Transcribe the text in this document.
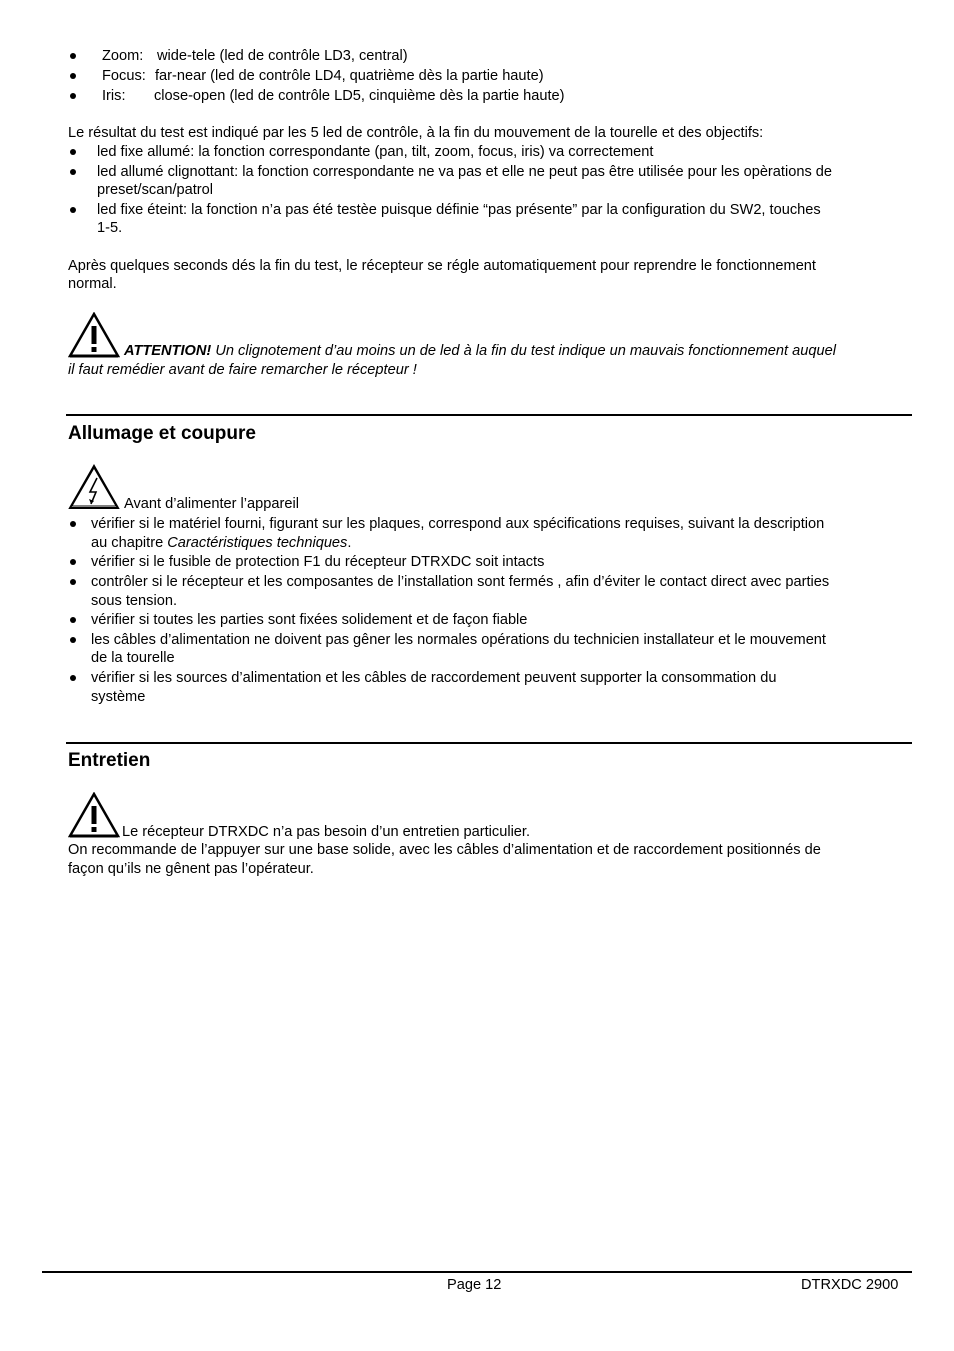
Zoom: wide-tele (led de contrôle LD3, central)
Focus: far-near (led de contrôle LD4, quatrième dès la partie haute)
Iris: close-open (led de contrôle LD5, cinquième dès la partie haute)
Le résultat du test est indiqué par les 5 led de contrôle, à la fin du mouvement de la tourelle et des objectifs:
led fixe allumé: la fonction correspondante (pan, tilt, zoom, focus, iris) va correctement
led allumé clignottant: la fonction correspondante ne va pas et elle ne peut pas être utilisée pour les opèrations de
preset/scan/patrol
led fixe éteint: la fonction n’a pas été testèe puisque définie “pas présente” par la configuration du SW2, touches
1-5.
Après quelques seconds dés la fin du test, le récepteur se régle automatiquement pour reprendre le fonctionnement
normal.
ATTENTION! Un clignotement d’au moins un de led à la fin du test indique un mauvais fonctionnement auquel
il faut remédier avant de faire remarcher le récepteur !
Allumage et coupure
Avant d’alimenter l’appareil
vérifier si le matériel fourni, figurant sur les plaques, correspond aux spécifications requises, suivant la description
au chapitre Caractéristiques techniques.
vérifier si le fusible de protection F1 du récepteur DTRXDC soit intacts
contrôler si le récepteur et les composantes de l’installation sont fermés , afin d’éviter le contact direct avec parties
sous tension.
vérifier si toutes les parties sont fixées solidement et de façon fiable
les câbles d’alimentation ne doivent pas gêner les normales opérations du technicien installateur et le mouvement
de la tourelle
vérifier si les sources d’alimentation et les câbles de raccordement peuvent supporter la consommation du
système
Entretien
Le récepteur DTRXDC n’a pas besoin d’un entretien particulier.
On recommande de l’appuyer sur une base solide, avec les câbles d’alimentation et de raccordement positionnés de
façon qu’ils ne gênent pas l’opérateur.
Page 12	DTRXDC 2900
